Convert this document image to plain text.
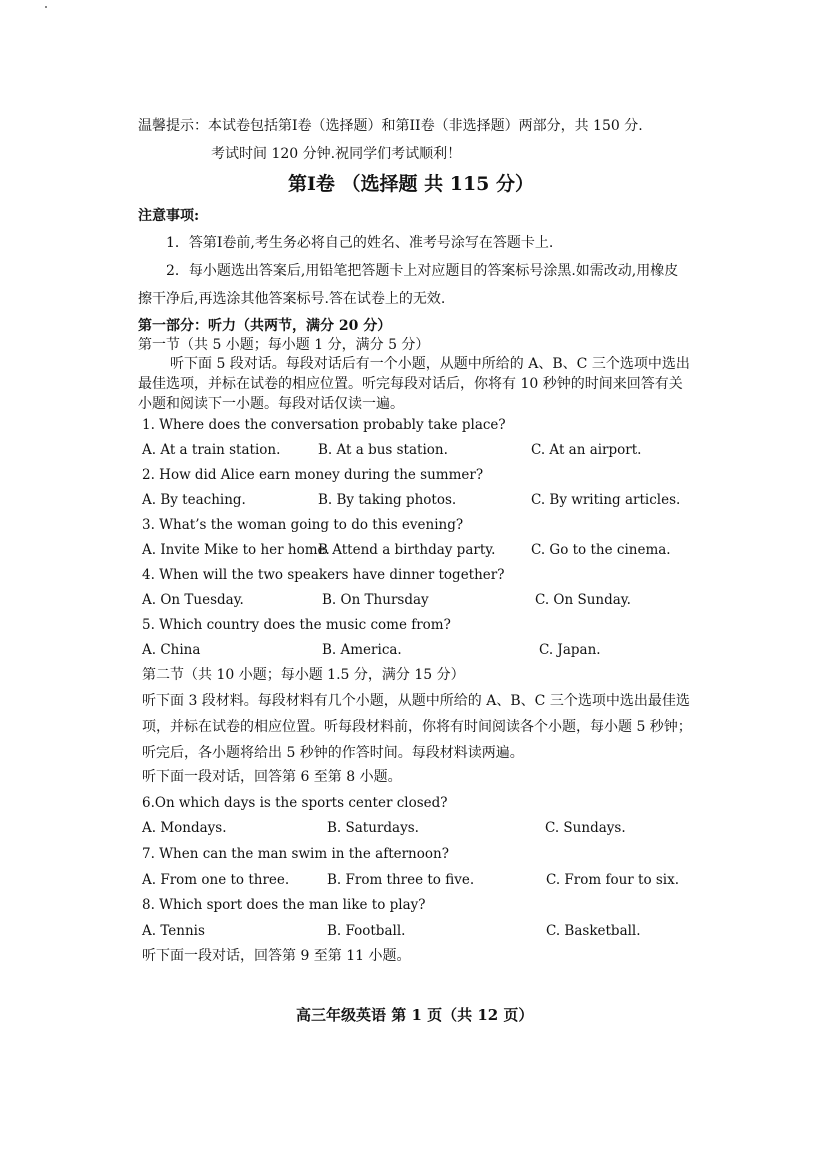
温馨提示：本试卷包括第I卷（选择题）和第II卷（非选择题）两部分，共 150 分.
考试时间 120 分钟.祝同学们考试顺利！
第I卷 （选择题 共 115 分）
注意事项:
1．答第I卷前,考生务必将自己的姓名、准考号涂写在答题卡上.
2．每小题选出答案后,用铅笔把答题卡上对应题目的答案标号涂黑.如需改动,用橡皮
擦干净后,再选涂其他答案标号.答在试卷上的无效.
第一部分：听力（共两节，满分 20 分）
第一节（共 5 小题；每小题 1 分，满分 5 分）
听下面 5 段对话。每段对话后有一个小题，从题中所给的 A、B、C 三个选项中选出
最佳选项，并标在试卷的相应位置。听完每段对话后，你将有 10 秒钟的时间来回答有关
小题和阅读下一小题。每段对话仅读一遍。
1. Where does the conversation probably take place?
A. At a train station.	B. At a bus station.	C. At an airport.
2. How did Alice earn money during the summer?
A. By teaching.	B. By taking photos.	C. By writing articles.
3. What’s the woman going to do this evening?
A. Invite Mike to her home.
B Attend a birthday party.	C. Go to the cinema.
4. When will the two speakers have dinner together?
A. On Tuesday.	B. On Thursday	C. On Sunday.
5. Which country does the music come from?
A. China	B. America.	C. Japan.
第二节（共 10 小题；每小题 1.5 分，满分 15 分）
听下面 3 段材料。每段材料有几个小题，从题中所给的 A、B、C 三个选项中选出最佳选
项，并标在试卷的相应位置。听每段材料前，你将有时间阅读各个小题，每小题 5 秒钟；
听完后，各小题将给出 5 秒钟的作答时间。每段材料读两遍。
听下面一段对话，回答第 6 至第 8 小题。
6.On which days is the sports center closed?
A. Mondays.	B. Saturdays.	C. Sundays.
7. When can the man swim in the afternoon?
A. From one to three.	B. From three to five.	C. From four to six.
8. Which sport does the man like to play?
A. Tennis	B. Football.	C. Basketball.
听下面一段对话，回答第 9 至第 11 小题。
高三年级英语 第 1 页（共 12 页）
